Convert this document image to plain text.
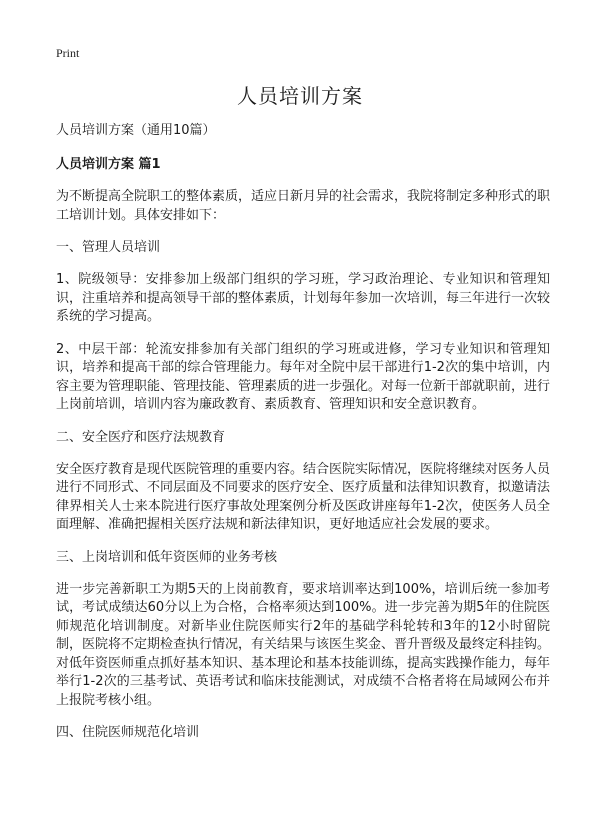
Print
人员培训方案
人员培训方案（通用10篇）
人员培训方案 篇1
为不断提高全院职工的整体素质，适应日新月异的社会需求，我院将制定多种形式的职工培训计划。具体安排如下：
一、管理人员培训
1、院级领导：安排参加上级部门组织的学习班，学习政治理论、专业知识和管理知识，注重培养和提高领导干部的整体素质，计划每年参加一次培训，每三年进行一次较系统的学习提高。
2、中层干部：轮流安排参加有关部门组织的学习班或进修，学习专业知识和管理知识，培养和提高干部的综合管理能力。每年对全院中层干部进行1-2次的集中培训，内容主要为管理职能、管理技能、管理素质的进一步强化。对每一位新干部就职前，进行上岗前培训，培训内容为廉政教育、素质教育、管理知识和安全意识教育。
二、安全医疗和医疗法规教育
安全医疗教育是现代医院管理的重要内容。结合医院实际情况，医院将继续对医务人员进行不同形式、不同层面及不同要求的医疗安全、医疗质量和法律知识教育，拟邀请法律界相关人士来本院进行医疗事故处理案例分析及医政讲座每年1-2次，使医务人员全面理解、准确把握相关医疗法规和新法律知识，更好地适应社会发展的要求。
三、上岗培训和低年资医师的业务考核
进一步完善新职工为期5天的上岗前教育，要求培训率达到100%，培训后统一参加考试，考试成绩达60分以上为合格，合格率须达到100%。进一步完善为期5年的住院医师规范化培训制度。对新毕业住院医师实行2年的基础学科轮转和3年的12小时留院制，医院将不定期检查执行情况，有关结果与该医生奖金、晋升晋级及最终定科挂钩。对低年资医师重点抓好基本知识、基本理论和基本技能训练，提高实践操作能力，每年举行1-2次的三基考试、英语考试和临床技能测试，对成绩不合格者将在局域网公布并上报院考核小组。
四、住院医师规范化培训
